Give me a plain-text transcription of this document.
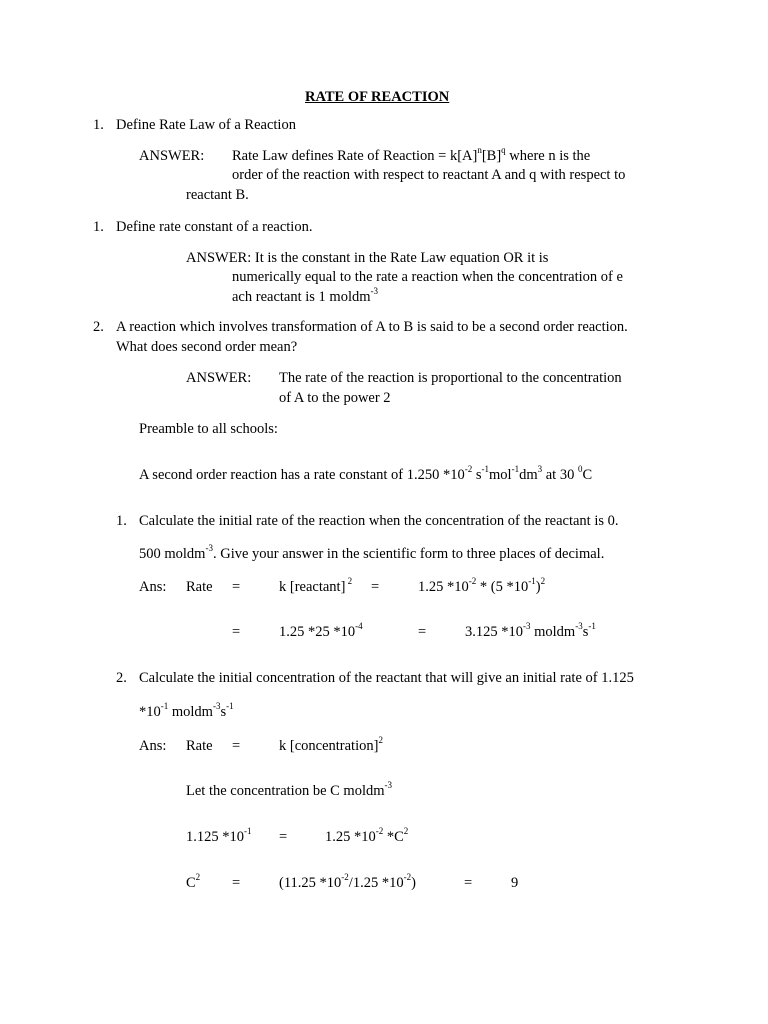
RATE OF REACTION
1. Define Rate Law of a Reaction
ANSWER: Rate Law defines Rate of Reaction = $k[A]^n[B]^q$ where n is the
order of the reaction with respect to reactant A and q with respect to
reactant B.
1. Define rate constant of a reaction.
ANSWER: It is the constant in the Rate Law equation OR it is
numerically equal to the rate a reaction when the concentration of e
ach reactant is 1 moldm$^{-3}$
2. A reaction which involves transformation of A to B is said to be a second order reaction.
What does second order mean?
ANSWER: The rate of the reaction is proportional to the concentration
of A to the power 2
Preamble to all schools:
A second order reaction has a rate constant of 1.250 $*10^{-2}$ $s^{-1}mol^{-1}dm^3$ at 30 $^0$C
1. Calculate the initial rate of the reaction when the concentration of the reactant is 0.
500 moldm$^{-3}$. Give your answer in the scientific form to three places of decimal.
Ans: Rate =	k [reactant] $^2$ =	1.25 $*10^{-2} * (5$ $*10^{-1})^2$
=	1.25 *25 $*10^{-4}$	=	3.125 $*10^{-3}$ $moldm^{-3}s^{-1}$
2. Calculate the initial concentration of the reactant that will give an initial rate of 1.125
$*10^{-1}$ $moldm^{-3}s^{-1}$
Ans: Rate =	k [concentration]$^2$
Let the concentration be C moldm$^{-3}$
1.125 $*10^{-1}$ =	1.25 $*10^{-2}$ $*C^2$
$C^2$ =	(11.25 $*10^{-2}/1.25$ $*10^{-2}$)	=	9
